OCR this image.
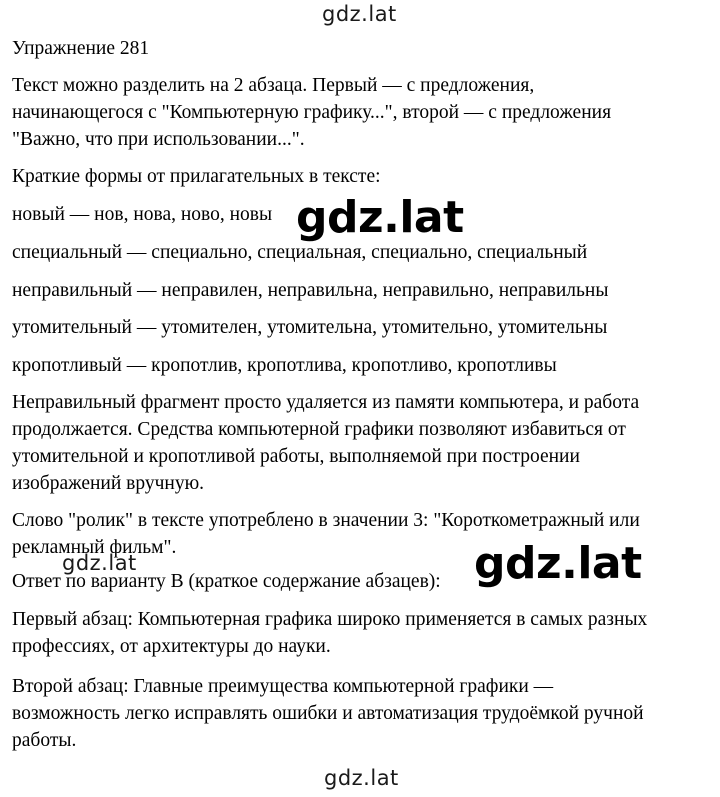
gdz.lat
gdz.lat
gdz.lat	gdz.lat
gdz.lat

Упражнение 281

Текст можно разделить на 2 абзаца. Первый — с предложения,

начинающегося с "Компьютерную графику...", второй — с предложения

"Важно, что при использовании...".

Краткие формы от прилагательных в тексте:

новый — нов, нова, ново, новы

специальный — специально, специальная, специально, специальный

неправильный — неправилен, неправильна, неправильно, неправильны

утомительный — утомителен, утомительна, утомительно, утомительны

кропотливый — кропотлив, кропотлива, кропотливо, кропотливы

Неправильный фрагмент просто удаляется из памяти компьютера, и работа

продолжается. Средства компьютерной графики позволяют избавиться от

утомительной и кропотливой работы, выполняемой при построении

изображений вручную.

Слово "ролик" в тексте употреблено в значении 3: "Короткометражный или

рекламный фильм".

Ответ по варианту В (краткое содержание абзацев):

Первый абзац: Компьютерная графика широко применяется в самых разных

профессиях, от архитектуры до науки.

Второй абзац: Главные преимущества компьютерной графики —

возможность легко исправлять ошибки и автоматизация трудоёмкой ручной

работы.
